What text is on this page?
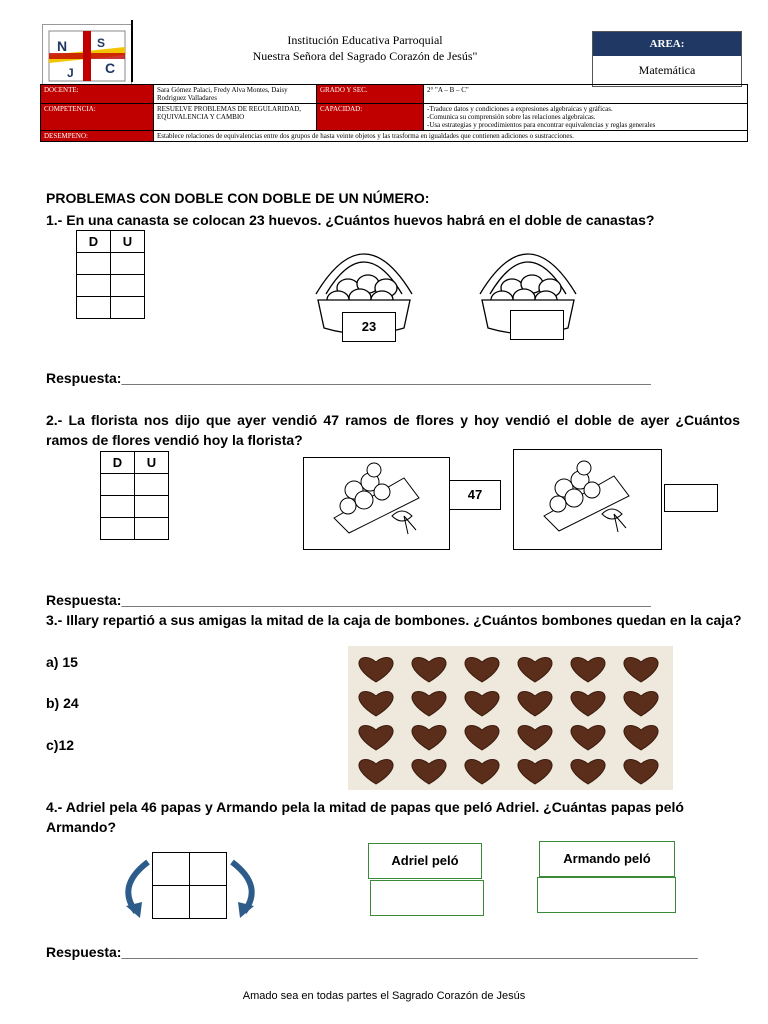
N S
C
J
Institución Educativa Parroquial
Nuestra Señora del Sagrado Corazón de Jesús"
AREA:
Matemática
DOCENTE:	Sara Gómez Palaci, Fredy Alva Montes, Daisy Rodriguez Valladares	GRADO Y SEC.	2° "A – B – C"
COMPETENCIA:	RESUELVE PROBLEMAS DE REGULARIDAD, EQUIVALENCIA Y CAMBIO	CAPACIDAD:	-Traduce datos y condiciones a expresiones algebraicas y gráficas.
-Comunica su comprensión sobre las relaciones algebraicas.
-Usa estrategias y procedimientos para encontrar equivalencias y reglas generales

DESEMPENO:	Establece relaciones de equivalencias entre dos grupos de hasta veinte objetos y las trasforma en igualdades que contienen adiciones o sustracciones.		
PROBLEMAS CON DOBLE CON DOBLE DE UN NÚMERO:
1.- En una canasta se colocan 23 huevos. ¿Cuántos huevos habrá en el doble de canastas?
D	U

23
Respuesta:____________________________________________________________________
2.- La florista nos dijo que ayer vendió 47 ramos de flores y hoy vendió el doble de ayer ¿Cuántos ramos de flores vendió hoy la florista?
D	U

47
Respuesta:____________________________________________________________________
3.- Illary repartió a sus amigas la mitad de la caja de bombones. ¿Cuántos bombones quedan en la caja?
a) 15
b) 24
c)12
4.- Adriel pela 46 papas y Armando pela la mitad de papas que peló Adriel. ¿Cuántas papas peló Armando?

Adriel peló	Armando peló
Respuesta:__________________________________________________________________________
Amado sea en todas partes el Sagrado Corazón de Jesús
